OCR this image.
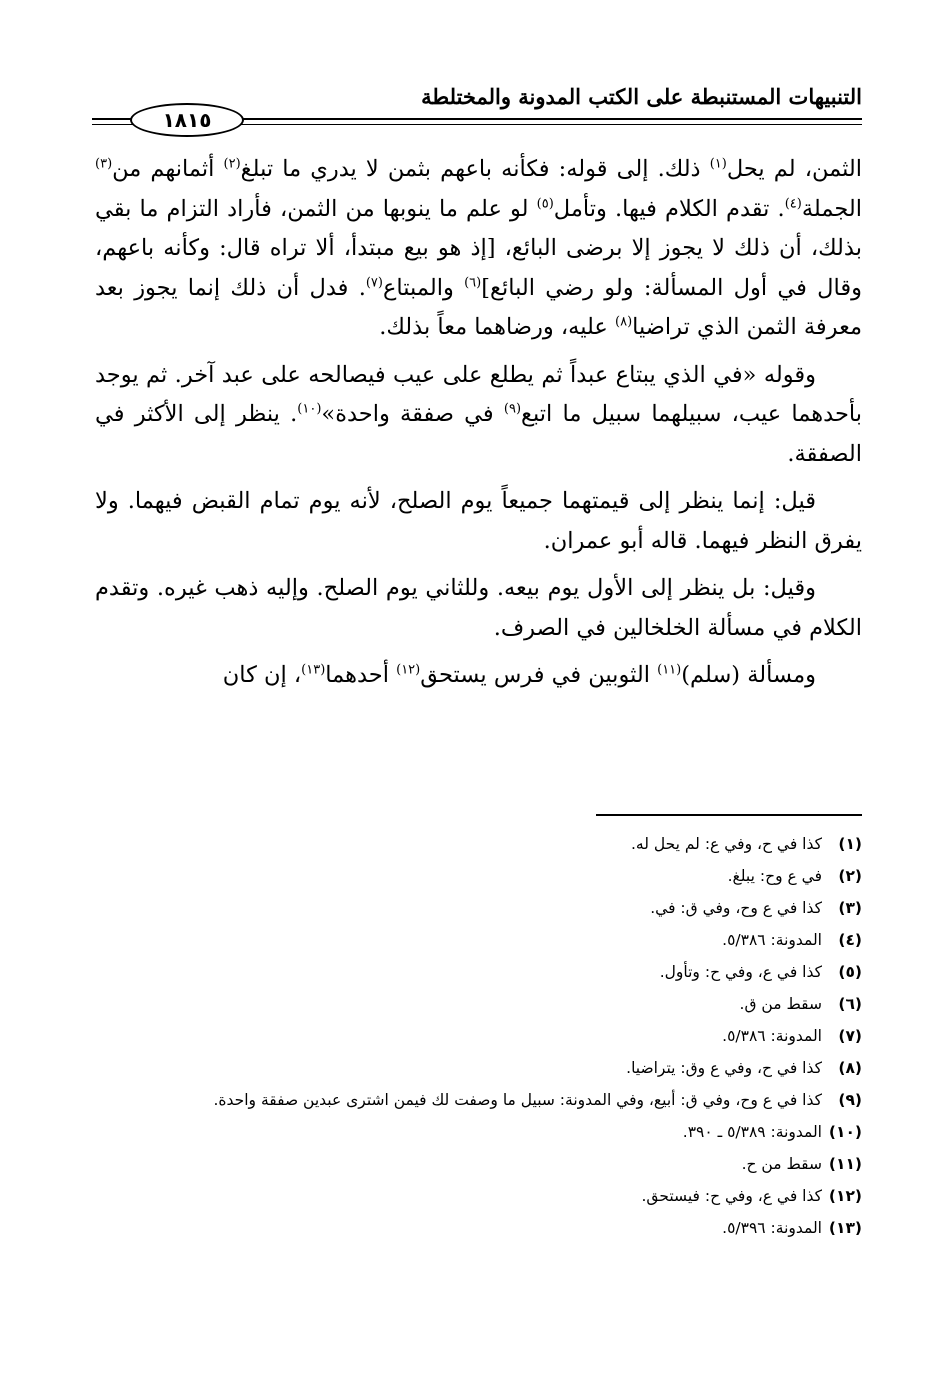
التنبيهات المستنبطة على الكتب المدونة والمختلطة
١٨١٥

الثمن، لم يحل$^{(١)}$ ذلك. إلى قوله: فكأنه باعهم بثمن لا يدري ما تبلغ$^{(٢)}$ أثمانهم من$^{(٣)}$ الجملة$^{(٤)}$. تقدم الكلام فيها. وتأمل$^{(٥)}$ لو علم ما ينوبها من الثمن، فأراد التزام ما بقي بذلك، أن ذلك لا يجوز إلا برضى البائع، [إذ هو بيع مبتدأ، ألا تراه قال: وكأنه باعهم، وقال في أول المسألة: ولو رضي البائع]$^{(٦)}$ والمبتاع$^{(٧)}$. فدل أن ذلك إنما يجوز بعد معرفة الثمن الذي تراضيا$^{(٨)}$ عليه، ورضاهما معاً بذلك.

وقوله «في الذي يبتاع عبداً ثم يطلع على عيب فيصالحه على عبد آخر. ثم يوجد بأحدهما عيب، سبيلهما سبيل ما اتبع$^{(٩)}$ في صفقة واحدة»$^{(١٠)}$. ينظر إلى الأكثر في الصفقة.

قيل: إنما ينظر إلى قيمتهما جميعاً يوم الصلح، لأنه يوم تمام القبض فيهما. ولا يفرق النظر فيهما. قاله أبو عمران.

وقيل: بل ينظر إلى الأول يوم بيعه. وللثاني يوم الصلح. وإليه ذهب غيره. وتقدم الكلام في مسألة الخلخالين في الصرف.

ومسألة (سلم)$^{(١١)}$ الثوبين في فرس يستحق$^{(١٢)}$ أحدهما$^{(١٣)}$، إن كان

(١)
كذا في ح، وفي ع: لم يحل له.
(٢)
في ع وح: يبلغ.
(٣)
كذا في ع وح، وفي ق: في.
(٤)
المدونة: ٥/٣٨٦.
(٥)
كذا في ع، وفي ح: وتأول.
(٦)
سقط من ق.
(٧)
المدونة: ٥/٣٨٦.
(٨)
كذا في ح، وفي ع وق: يتراضيا.
(٩)
كذا في ع وح، وفي ق: أبيع، وفي المدونة: سبيل ما وصفت لك فيمن اشترى عبدين صفقة واحدة.
(١٠)
المدونة: ٥/٣٨٩ ـ ٣٩٠.
(١١)
سقط من ح.
(١٢)
كذا في ع، وفي ح: فيستحق.
(١٣)
المدونة: ٥/٣٩٦.
